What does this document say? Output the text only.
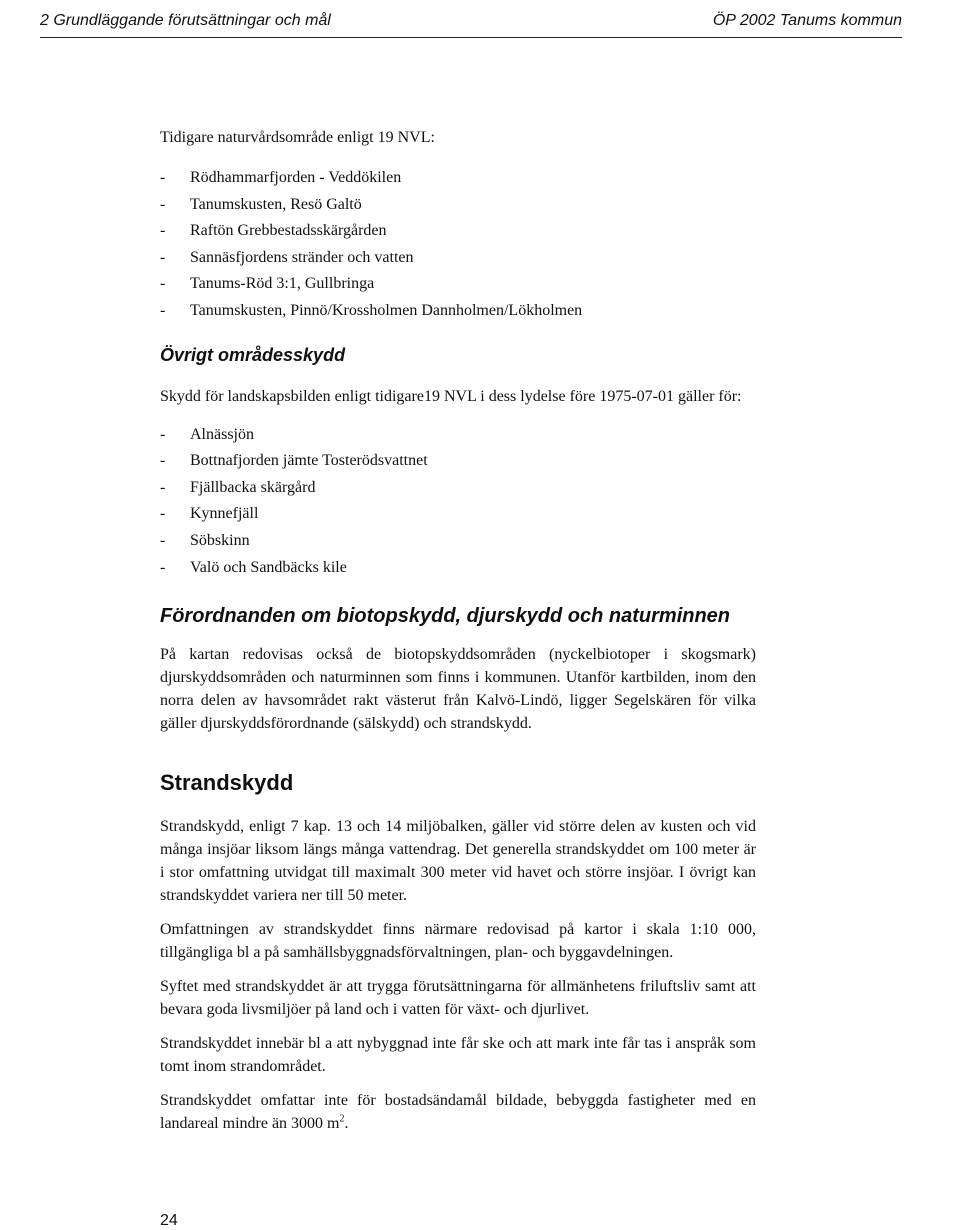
2 Grundläggande förutsättningar och mål	ÖP 2002 Tanums kommun

Tidigare naturvårdsområde enligt 19 NVL:

- Rödhammarfjorden - Veddökilen
- Tanumskusten, Resö Galtö
- Raftön Grebbestadsskärgården
- Sannäsfjordens stränder och vatten
- Tanums-Röd 3:1, Gullbringa
- Tanumskusten, Pinnö/Krossholmen Dannholmen/Lökholmen
Övrigt områdesskydd

Skydd för landskapsbilden enligt tidigare19 NVL i dess lydelse före 1975-07-01 gäller för:

- Alnässjön
- Bottnafjorden jämte Tosterödsvattnet
- Fjällbacka skärgård
- Kynnefjäll
- Söbskinn
- Valö och Sandbäcks kile
Förordnanden om biotopskydd, djurskydd och naturminnen

På kartan redovisas också de biotopskyddsområden (nyckelbiotoper i skogsmark) djurskyddsområden och naturminnen som finns i kommunen. Utanför kartbilden, inom den norra delen av havsområdet rakt västerut från Kalvö-Lindö, ligger Segelskären för vilka gäller djurskyddsförordnande (sälskydd) och strandskydd.

Strandskydd

Strandskydd, enligt 7 kap. 13 och 14 miljöbalken, gäller vid större delen av kusten och vid många insjöar liksom längs många vattendrag. Det generella strandskyddet om 100 meter är i stor omfattning utvidgat till maximalt 300 meter vid havet och större insjöar. I övrigt kan strandskyddet variera ner till 50 meter.

Omfattningen av strandskyddet finns närmare redovisad på kartor i skala 1:10 000, tillgängliga bl a på samhällsbyggnadsförvaltningen, plan- och byggavdelningen.

Syftet med strandskyddet är att trygga förutsättningarna för allmänhetens friluftsliv samt att bevara goda livsmiljöer på land och i vatten för växt- och djurlivet.

Strandskyddet innebär bl a att nybyggnad inte får ske och att mark inte får tas i anspråk som tomt inom strandområdet.

Strandskyddet omfattar inte för bostadsändamål bildade, bebyggda fastigheter med en landareal mindre än 3000 $m^2$.

24
